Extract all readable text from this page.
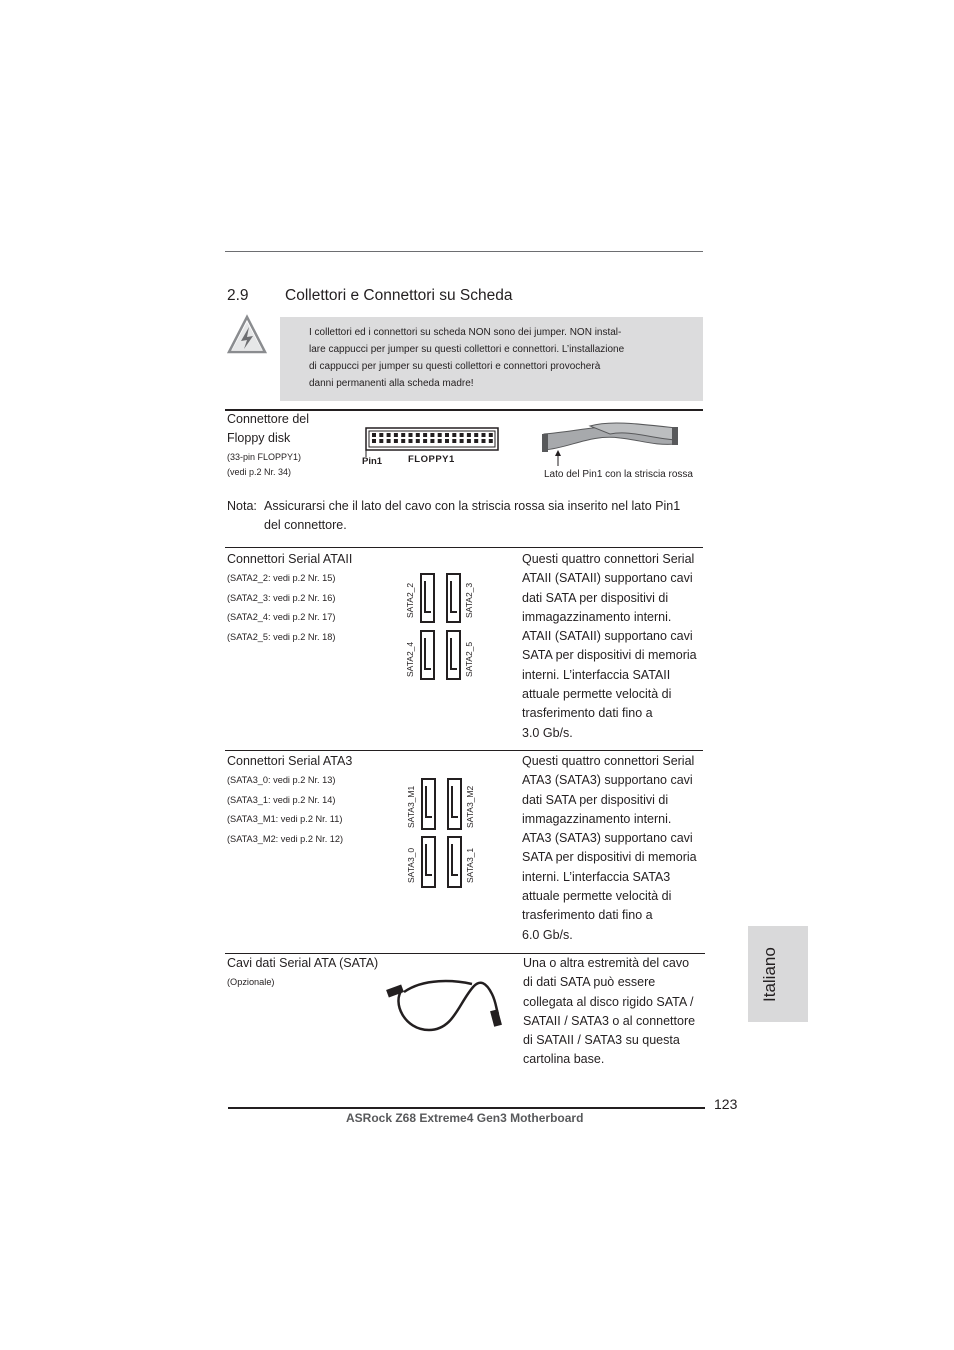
2.9 Collettori e Connettori su Scheda
I collettori ed i connettori su scheda NON sono dei jumper. NON instal-
lare cappucci per jumper su questi collettori e connettori. L’installazione
di cappucci per jumper su questi collettori e connettori provocherà
danni permanenti alla scheda madre!
Connettore del
Floppy disk
(33-pin FLOPPY1)
(vedi p.2 Nr. 34)
Pin1	FLOPPY1
Lato del Pin1 con la striscia rossa
Nota: Assicurarsi che il lato del cavo con la striscia rossa sia inserito nel lato Pin1
del connettore.
Connettori Serial ATAII
(SATA2_2: vedi p.2 Nr. 15)
(SATA2_3: vedi p.2 Nr. 16)
(SATA2_4: vedi p.2 Nr. 17)
(SATA2_5: vedi p.2 Nr. 18)
SATA2_2	SATA2_3
SATA2_4	SATA2_5
Questi quattro connettori Serial
ATAII (SATAII) supportano cavi
dati SATA per dispositivi di
immagazzinamento interni.
ATAII (SATAII) supportano cavi
SATA per dispositivi di memoria
interni. L’interfaccia SATAII
attuale permette velocità di
trasferimento dati fino a
3.0 Gb/s.
Connettori Serial ATA3
(SATA3_0: vedi p.2 Nr. 13)
(SATA3_1: vedi p.2 Nr. 14)
(SATA3_M1: vedi p.2 Nr. 11)
(SATA3_M2: vedi p.2 Nr. 12)
SATA3_M1	SATA3_M2
SATA3_0	SATA3_1
Questi quattro connettori Serial
ATA3 (SATA3) supportano cavi
dati SATA per dispositivi di
immagazzinamento interni.
ATA3 (SATA3) supportano cavi
SATA per dispositivi di memoria
interni. L’interfaccia SATA3
attuale permette velocità di
trasferimento dati fino a
6.0 Gb/s.
Italiano
Cavi dati Serial ATA (SATA)
(Opzionale)
Una o altra estremità del cavo
di dati SATA può essere
collegata al disco rigido SATA /
SATAII / SATA3 o al connettore
di SATAII / SATA3 su questa
cartolina base.
123
ASRock Z68 Extreme4 Gen3 Motherboard
